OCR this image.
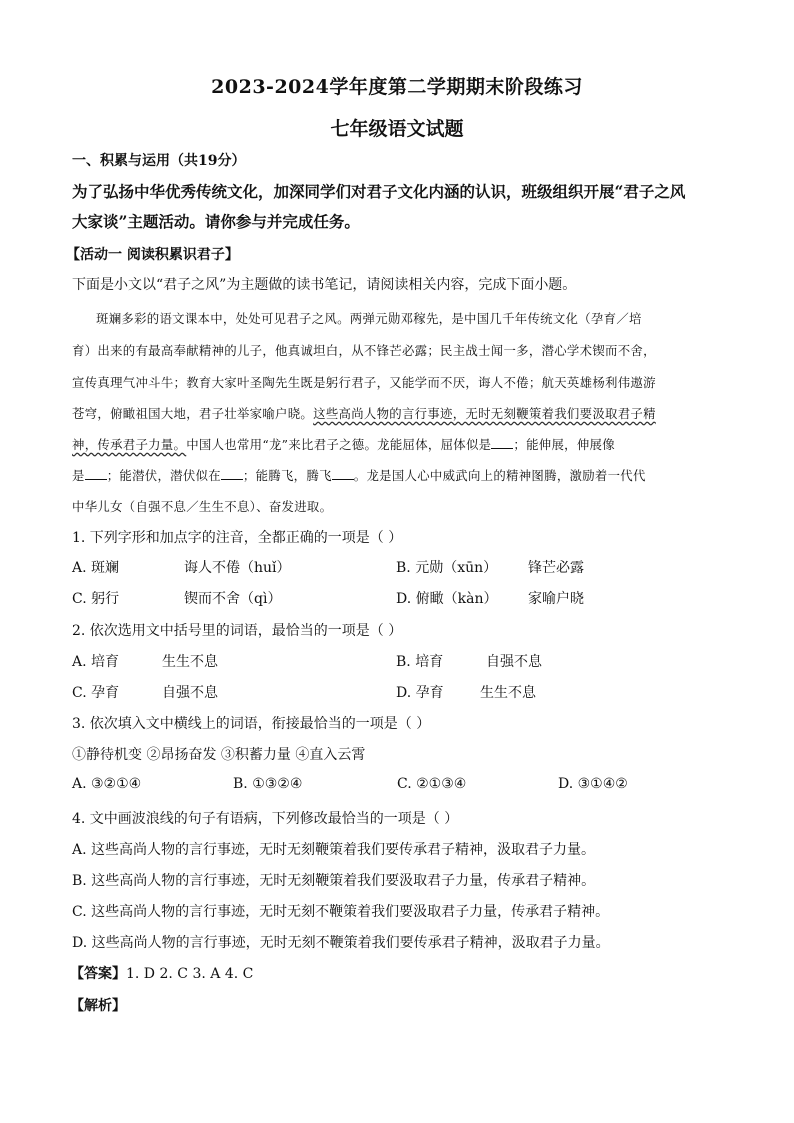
2023-2024学年度第二学期期末阶段练习
七年级语文试题
一、积累与运用（共19分）
为了弘扬中华优秀传统文化，加深同学们对君子文化内涵的认识，班级组织开展“君子之风
大家谈”主题活动。请你参与并完成任务。
【活动一 阅读积累识君子】
下面是小文以“君子之风”为主题做的读书笔记，请阅读相关内容，完成下面小题。
斑斓多彩的语文课本中，处处可见君子之风。两弹元勋邓稼先，是中国几千年传统文化（孕育／培
育）出来的有最高奉献精神的儿子，他真诚坦白，从不锋芒必露；民主战士闻一多，潜心学术锲而不舍，
宣传真理气冲斗牛；教育大家叶圣陶先生既是躬行君子，又能学而不厌，诲人不倦；航天英雄杨利伟遨游
苍穹，俯瞰祖国大地，君子壮举家喻户晓。这些高尚人物的言行事迹，无时无刻鞭策着我们要汲取君子精
神，传承君子力量。中国人也常用“龙”来比君子之德。龙能屈体，屈体似是 ；能伸展，伸展像
是 ；能潜伏，潜伏似在 ；能腾飞，腾飞 。龙是国人心中威武向上的精神图腾，激励着一代代
中华儿女（自强不息／生生不息）、奋发进取。
1. 下列字形和加点字的注音，全都正确的一项是（ ）
A. 斑斓	诲人不倦（huǐ）	B. 元勋（xūn） 锋芒必露
C. 躬行	锲而不舍（qì）	D. 俯瞰（kàn） 家喻户晓
2. 依次选用文中括号里的词语，最恰当的一项是（ ）
A. 培育	生生不息	B. 培育	自强不息
C. 孕育	自强不息	D. 孕育	生生不息
3. 依次填入文中横线上的词语，衔接最恰当的一项是（ ）
①静待机变 ②昂扬奋发 ③积蓄力量 ④直入云霄
A. ③②①④	B. ①③②④	C. ②①③④	D. ③①④②
4. 文中画波浪线的句子有语病，下列修改最恰当的一项是（ ）
A. 这些高尚人物的言行事迹，无时无刻鞭策着我们要传承君子精神，汲取君子力量。
B. 这些高尚人物的言行事迹，无时无刻鞭策着我们要汲取君子力量，传承君子精神。
C. 这些高尚人物的言行事迹，无时无刻不鞭策着我们要汲取君子力量，传承君子精神。
D. 这些高尚人物的言行事迹，无时无刻不鞭策着我们要传承君子精神，汲取君子力量。
【答案】1. D 2. C 3. A 4. C
【解析】
